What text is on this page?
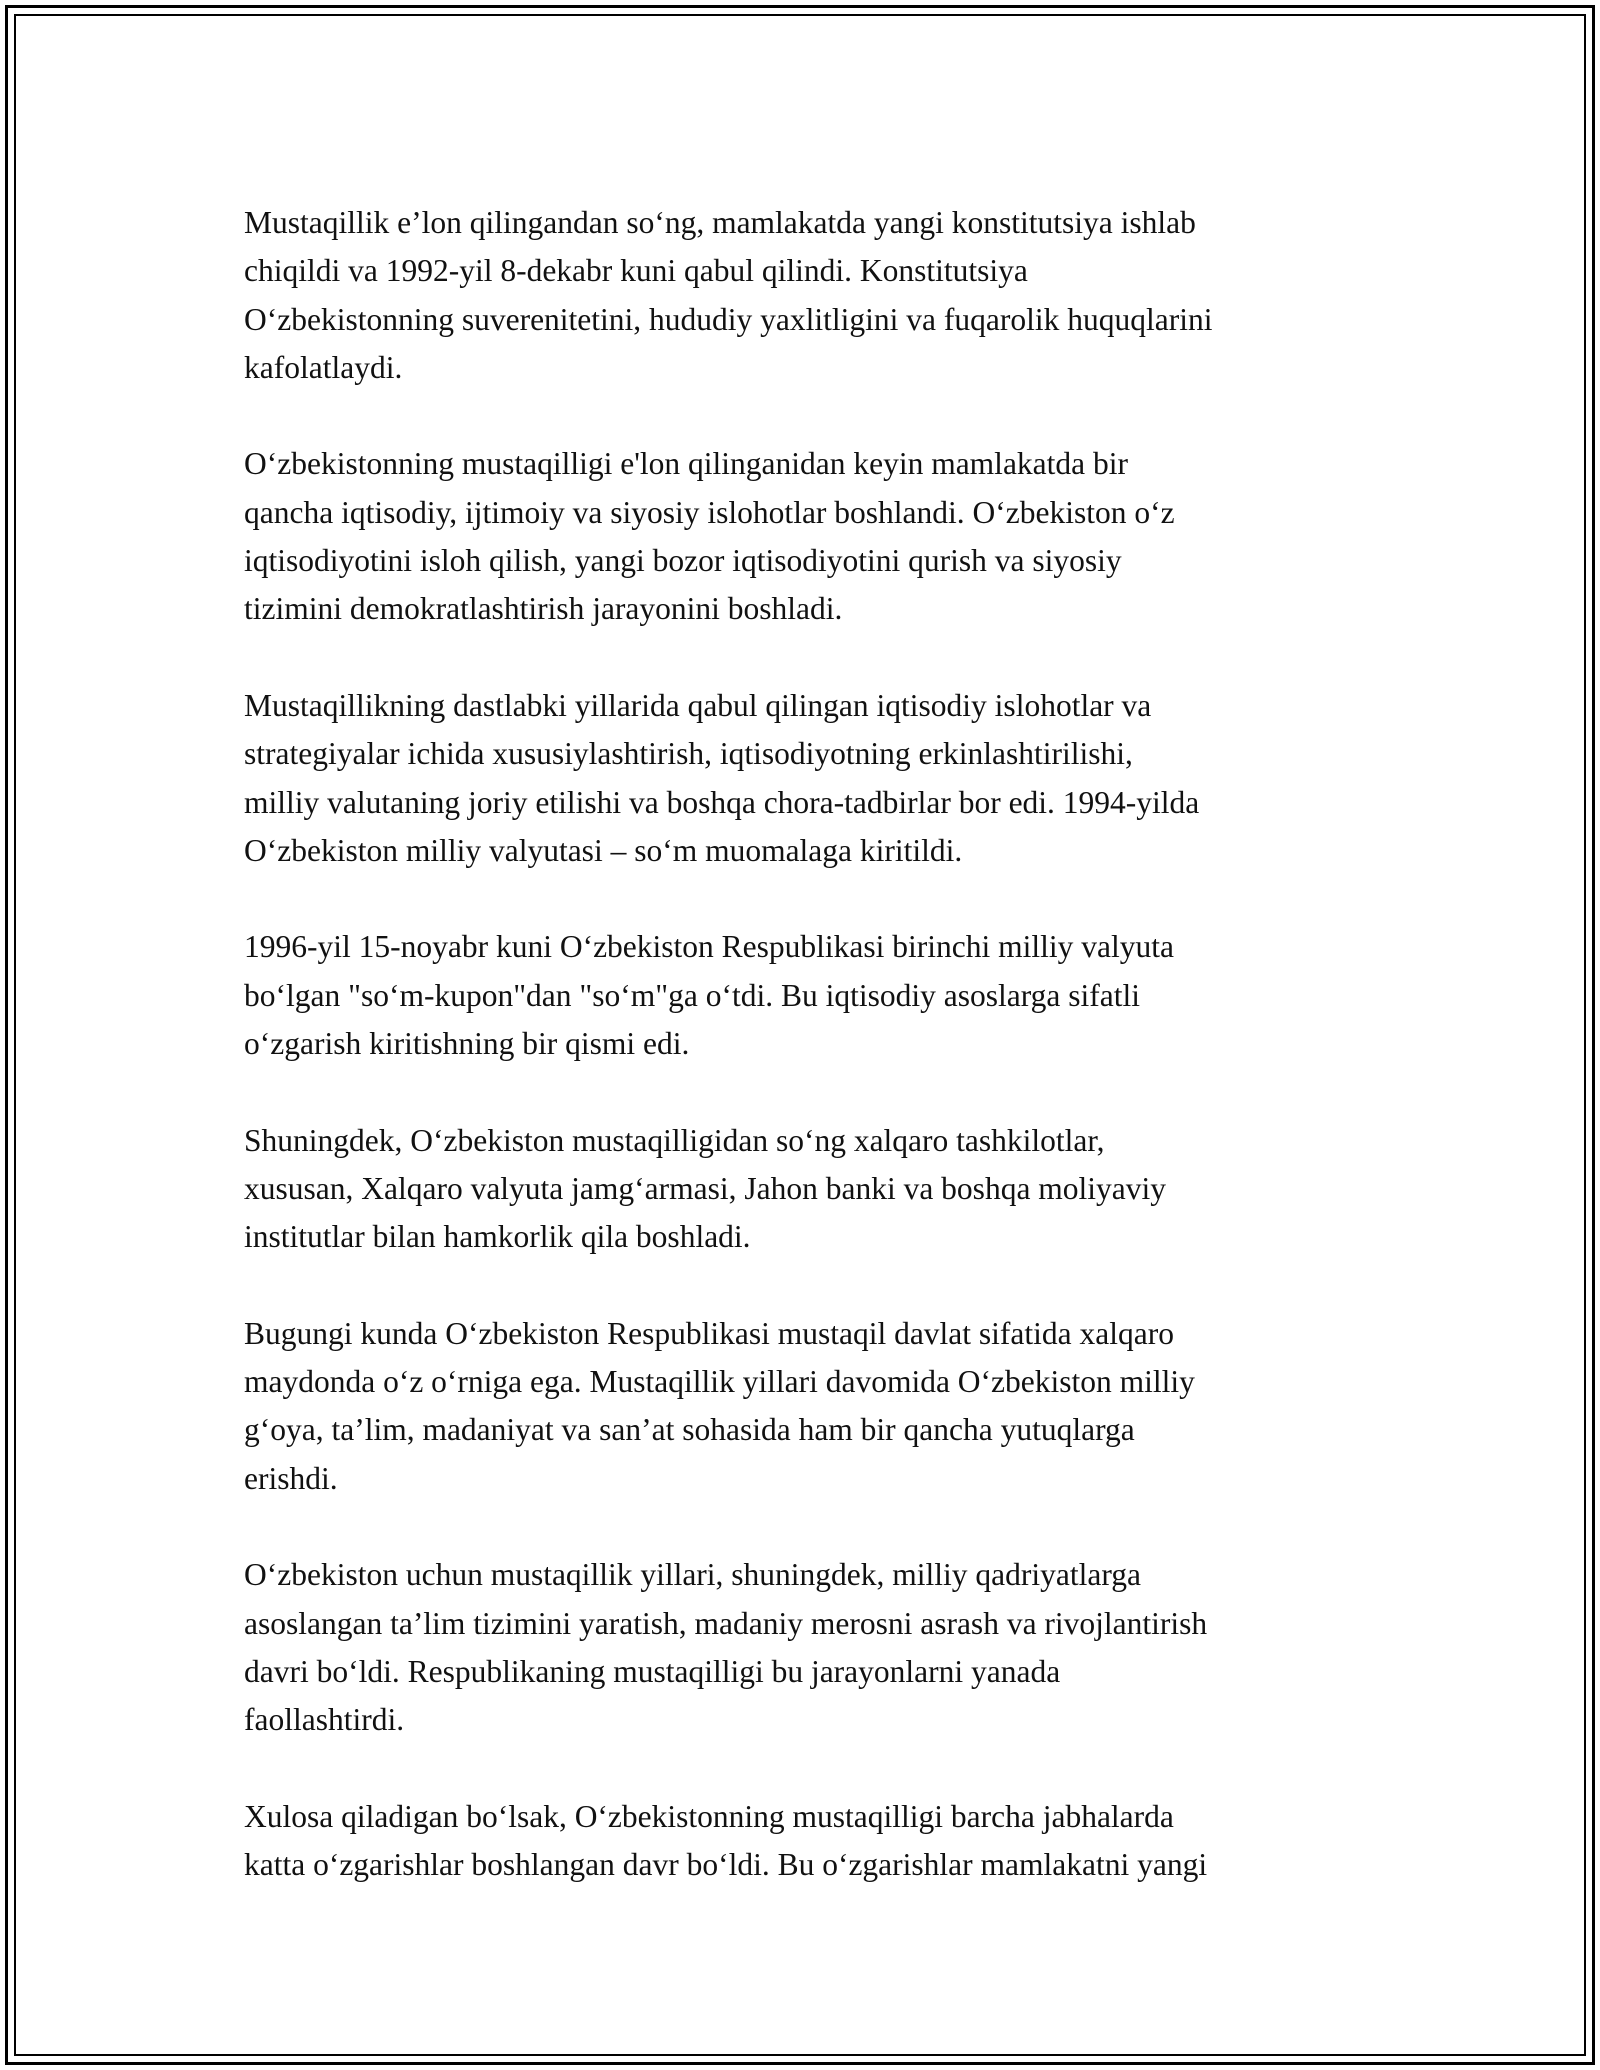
Mustaqillik e’lon qilingandan so‘ng, mamlakatda yangi konstitutsiya ishlab
chiqildi va 1992-yil 8-dekabr kuni qabul qilindi. Konstitutsiya
O‘zbekistonning suverenitetini, hududiy yaxlitligini va fuqarolik huquqlarini
kafolatlaydi.

O‘zbekistonning mustaqilligi e'lon qilinganidan keyin mamlakatda bir
qancha iqtisodiy, ijtimoiy va siyosiy islohotlar boshlandi. O‘zbekiston o‘z
iqtisodiyotini isloh qilish, yangi bozor iqtisodiyotini qurish va siyosiy
tizimini demokratlashtirish jarayonini boshladi.

Mustaqillikning dastlabki yillarida qabul qilingan iqtisodiy islohotlar va
strategiyalar ichida xususiylashtirish, iqtisodiyotning erkinlashtirilishi,
milliy valutaning joriy etilishi va boshqa chora-tadbirlar bor edi. 1994-yilda
O‘zbekiston milliy valyutasi – so‘m muomalaga kiritildi.

1996-yil 15-noyabr kuni O‘zbekiston Respublikasi birinchi milliy valyuta
bo‘lgan "so‘m-kupon"dan "so‘m"ga o‘tdi. Bu iqtisodiy asoslarga sifatli
o‘zgarish kiritishning bir qismi edi.

Shuningdek, O‘zbekiston mustaqilligidan so‘ng xalqaro tashkilotlar,
xususan, Xalqaro valyuta jamg‘armasi, Jahon banki va boshqa moliyaviy
institutlar bilan hamkorlik qila boshladi.

Bugungi kunda O‘zbekiston Respublikasi mustaqil davlat sifatida xalqaro
maydonda o‘z o‘rniga ega. Mustaqillik yillari davomida O‘zbekiston milliy
g‘oya, ta’lim, madaniyat va san’at sohasida ham bir qancha yutuqlarga
erishdi.

O‘zbekiston uchun mustaqillik yillari, shuningdek, milliy qadriyatlarga
asoslangan ta’lim tizimini yaratish, madaniy merosni asrash va rivojlantirish
davri bo‘ldi. Respublikaning mustaqilligi bu jarayonlarni yanada
faollashtirdi.

Xulosa qiladigan bo‘lsak, O‘zbekistonning mustaqilligi barcha jabhalarda
katta o‘zgarishlar boshlangan davr bo‘ldi. Bu o‘zgarishlar mamlakatni yangi
